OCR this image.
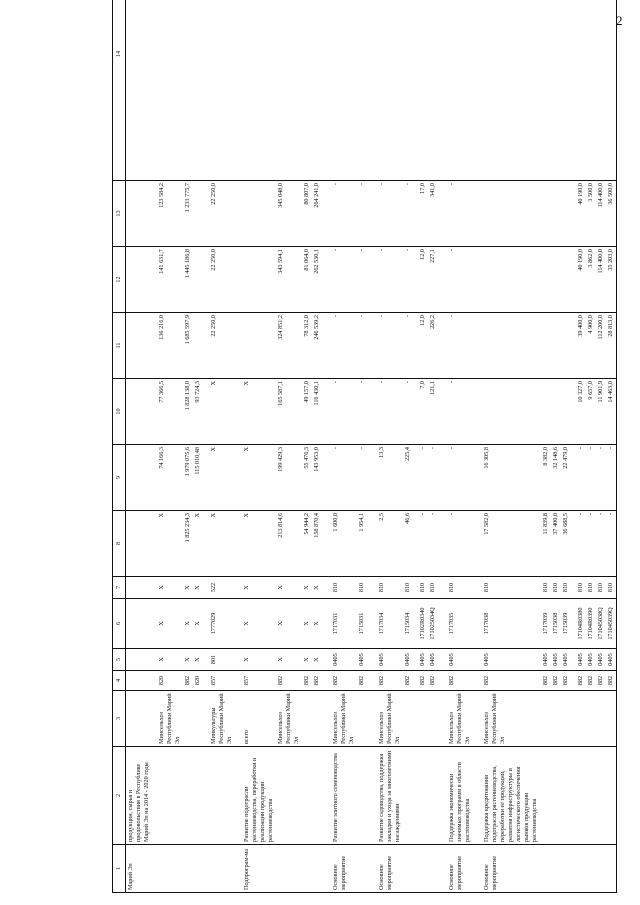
2
1	2	3	4	5	6	7	8	9	10	11	12	13	14
Марий Эл	продукции, сырья и продовольствия в Республике Марий Эл на 2014 - 2020 годы												
		Минсельхоз Республики Марий Эл	820	X	X	X	X	74 166,3	77 366,5	136 216,0	141 631,7	123 584,2	
			882	X	X	X	1 825 234,3	1 979 075,6	1 828 138,0	1 685 597,9	1 445 186,8	1 233 775,7	
			820	X	X	X	X	115 010,48	93 724,3				
		Минкультуры Республики Марий Эл	857	801	1777029	522	X	X	X	22 250,0	22 250,0	22 250,0	
Подпрограм-ма	Развитие подотрасли растениеводства, переработки и реализации продукции растениеводства	всего	857	X	X	X	X	X	X				
		Минсельхоз Республики Марий Эл	882	X	X	X	213 814,6	199 429,3	165 587,1	324 851,2	343 594,1	345 048,0	
			882	X	X	X	54 944,2	55 476,3	49 157,0	78 312,0	81 064,0	80 807,0	
			882	X	X	X	158 870,4	143 953,0	116 430,1	246 539,2	262 530,1	264 241,0	
Основное мероприятие	Развитие элитного семеноводства	Минсельхоз Республики Марий Эл	882	0405	1717031	810	1 600,0	-	-	-	-	-	
			882	0405	1715031	810	1 954,1	-	-	-	-	-	
Основное мероприятие	Развитие садоводства, поддержка закладки и ухода за многолетними насаждениями	Минсельхоз Республики Марий Эл	882	0405	1717034	810	2,5	13,3	-	-	-	-	
			882	0405	1715034	810	46,6	225,4	-	-	-	-	
			882	0405	17102R0340	810	-	-	7,0	12,0	12,0	17,0	
			882	0405	171025034Q	810	-	-	121,1	226,2	227,1	341,0	
Основное мероприятие	Поддержка экономически значимых программ в области растениеводства	Минсельхоз Республики Марий Эл	882	0405	1717035	810	-	-	-	-	-	-	
Основное мероприятие	Поддержка кредитования подотрасли растениеводства, переработки ее продукции, развития инфраструктуры и логистического обеспечения рынков продукции растениеводства	Минсельхоз Республики Марий Эл	882	0405	1717038	810	17 582,0	16 305,8					
			882	0405	1717039	810	11 839,8	8 382,0					
			882	0405	1715038	810	37 400,0	32 148,6					
			882	0405	1715039	810	36 688,5	22 479,0					
			882	0405	17104R0380	810	-	-	10 327,0	39 400,0	40 190,0	40 190,0	
			882	0405	17104R0390	810	-	-	9 657,0	4 900,0	3 862,0	3 500,0	
			882	0405	171045038Q	810	-	-	11 901,9	112 200,0	114 400,0	114 400,0	
			882	0405	171045039Q	810	-	-	14 463,0	28 813,0	35 203,0	36 500,0	
